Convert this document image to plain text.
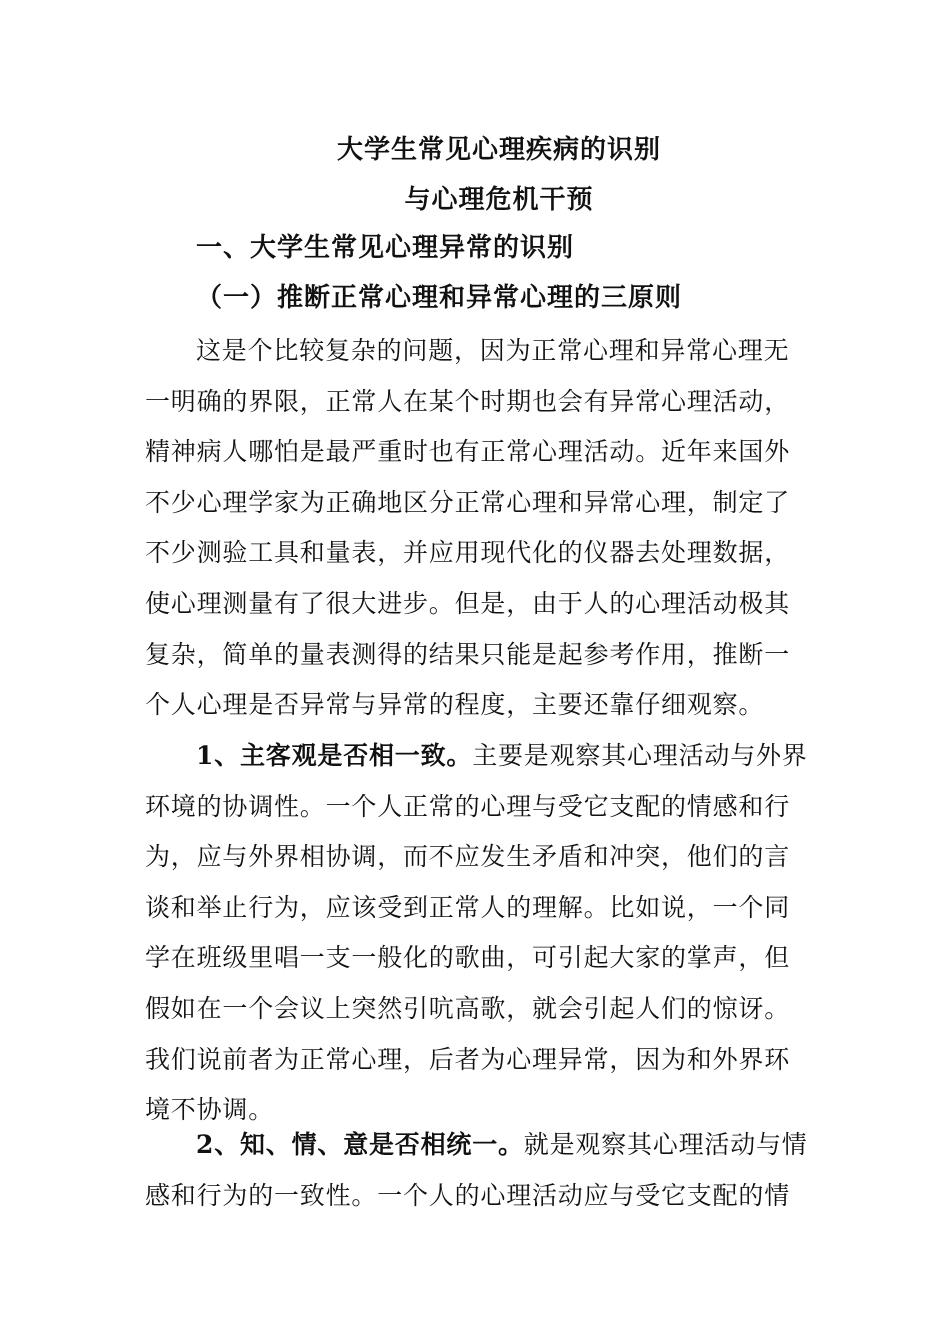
大学生常见心理疾病的识别
与心理危机干预
一、大学生常见心理异常的识别
（一）推断正常心理和异常心理的三原则
这是个比较复杂的问题，因为正常心理和异常心理无
一明确的界限，正常人在某个时期也会有异常心理活动，
精神病人哪怕是最严重时也有正常心理活动。近年来国外
不少心理学家为正确地区分正常心理和异常心理，制定了
不少测验工具和量表，并应用现代化的仪器去处理数据，
使心理测量有了很大进步。但是，由于人的心理活动极其
复杂，简单的量表测得的结果只能是起参考作用，推断一
个人心理是否异常与异常的程度，主要还靠仔细观察。
1、主客观是否相一致。主要是观察其心理活动与外界
环境的协调性。一个人正常的心理与受它支配的情感和行
为，应与外界相协调，而不应发生矛盾和冲突，他们的言
谈和举止行为，应该受到正常人的理解。比如说，一个同
学在班级里唱一支一般化的歌曲，可引起大家的掌声，但
假如在一个会议上突然引吭高歌，就会引起人们的惊讶。
我们说前者为正常心理，后者为心理异常，因为和外界环
境不协调。
2、知、情、意是否相统一。就是观察其心理活动与情
感和行为的一致性。一个人的心理活动应与受它支配的情
